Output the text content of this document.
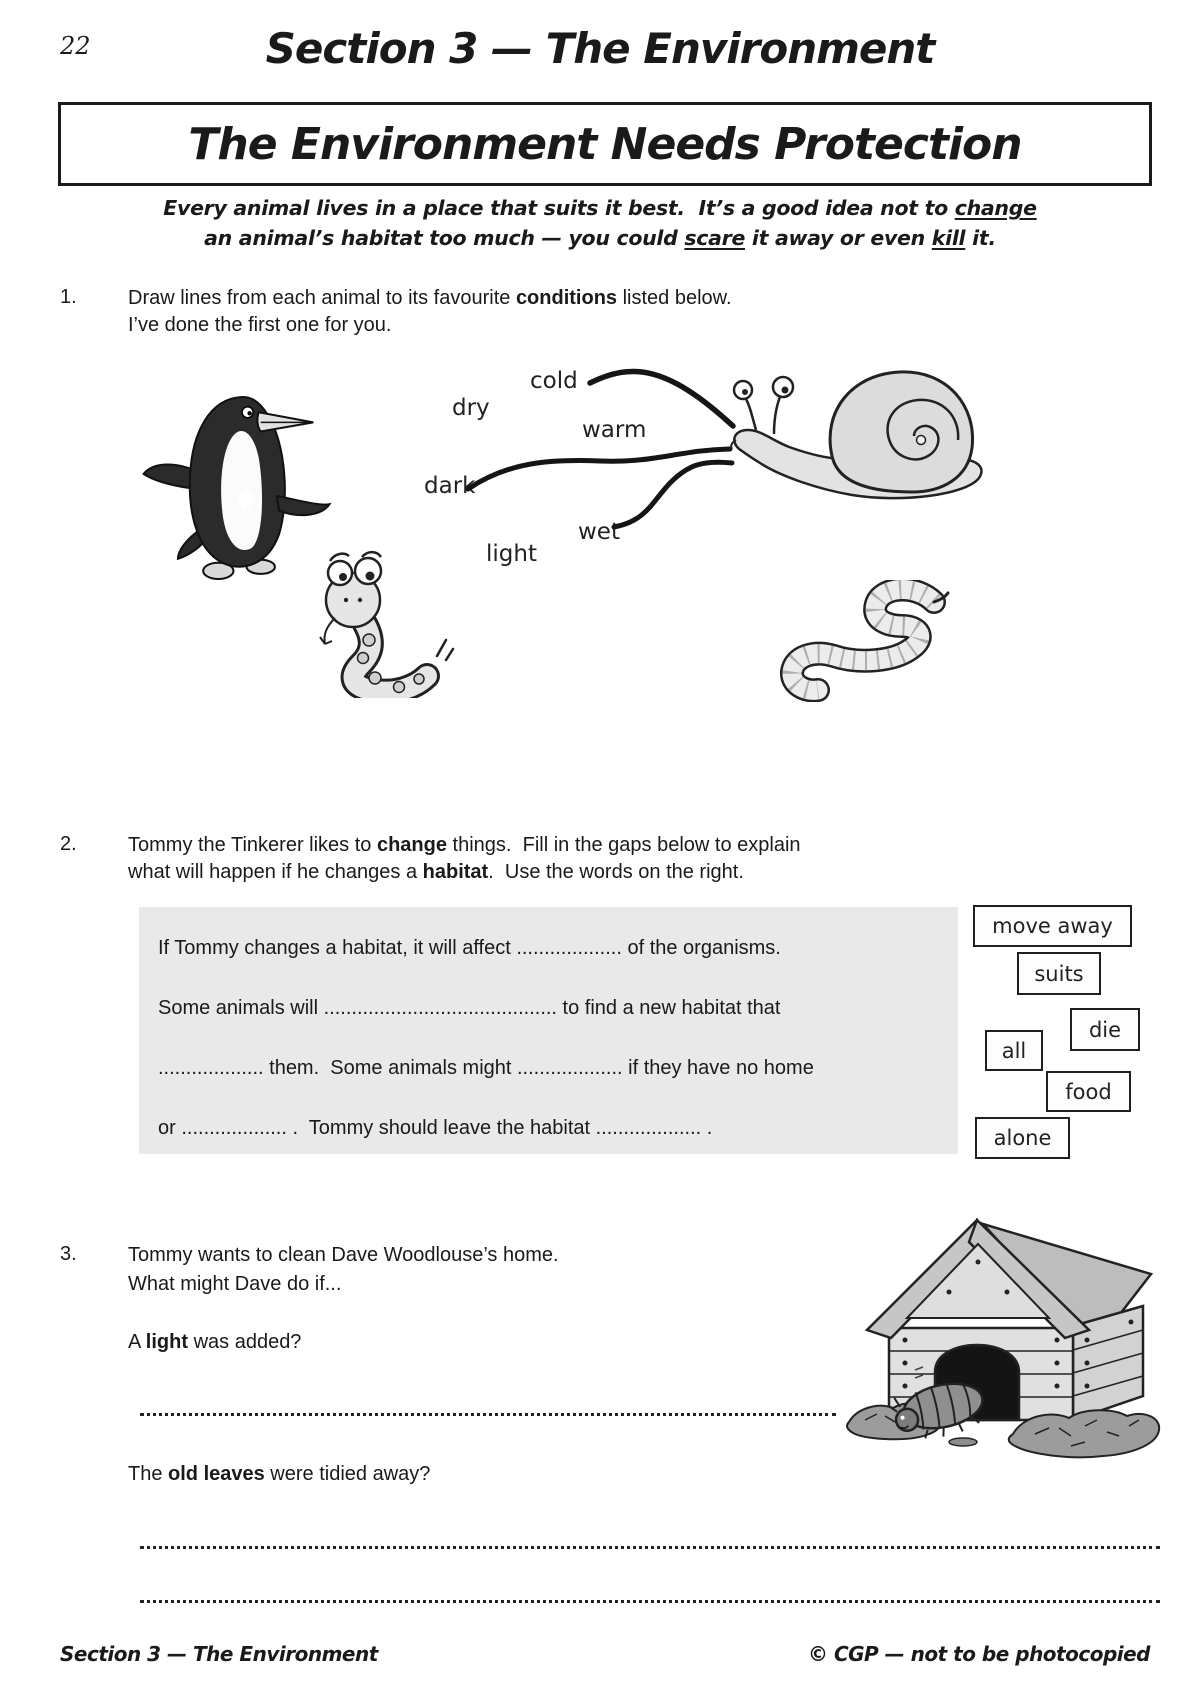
22	Section 3 — The Environment
The Environment Needs Protection
Every animal lives in a place that suits it best.  It’s a good idea not to change
an animal’s habitat too much — you could scare it away or even kill it.
1.	Draw lines from each animal to its favourite conditions listed below.
I’ve done the first one for you.
cold
dry
warm
dark
wet
light
2.	Tommy the Tinkerer likes to change things.  Fill in the gaps below to explain
what will happen if he changes a habitat.  Use the words on the right.
If Tommy changes a habitat, it will affect ................... of the organisms.
Some animals will .......................................... to find a new habitat that
................... them.  Some animals might ................... if they have no home
or ................... .  Tommy should leave the habitat ................... .
move away
suits
die
all
food
alone
3.	Tommy wants to clean Dave Woodlouse’s home.
What might Dave do if...
A light was added?
The old leaves were tidied away?
Section 3 — The Environment	© CGP — not to be photocopied
